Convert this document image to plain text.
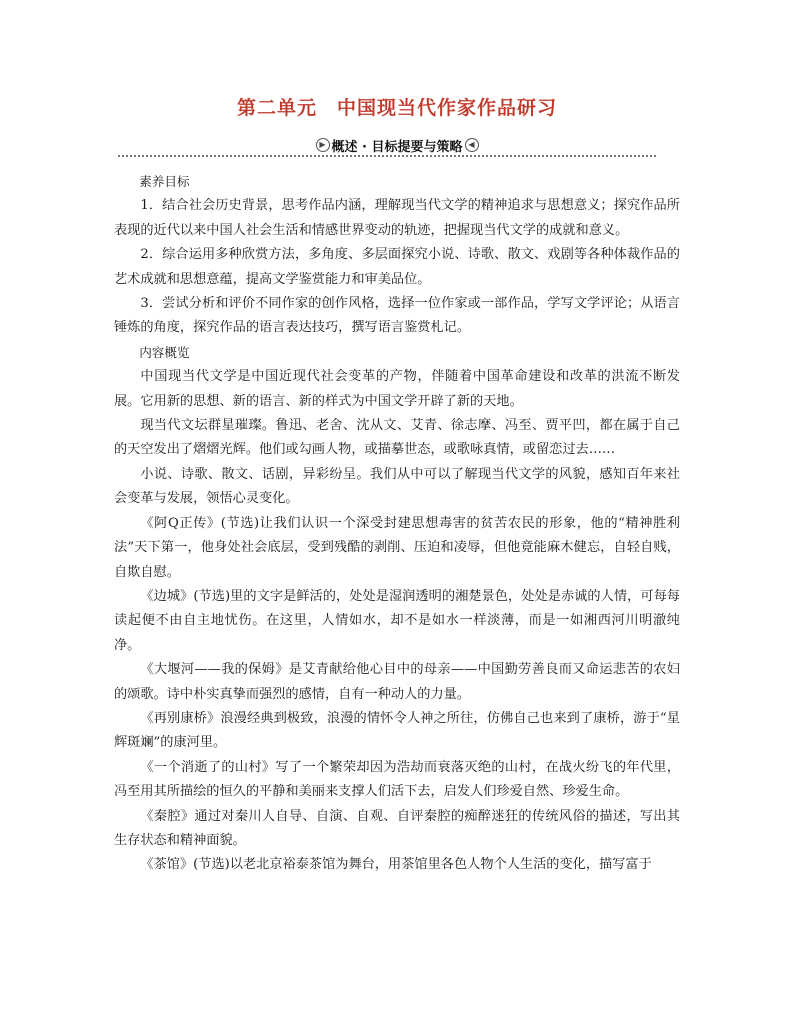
第二单元　中国现当代作家作品研习
▶ 概述 · 目标提要与策略 ◀

素养目标

1．结合社会历史背景，思考作品内涵，理解现当代文学的精神追求与思想意义；探究作品所表现的近代以来中国人社会生活和情感世界变动的轨迹，把握现当代文学的成就和意义。

2．综合运用多种欣赏方法，多角度、多层面探究小说、诗歌、散文、戏剧等各种体裁作品的艺术成就和思想意蕴，提高文学鉴赏能力和审美品位。

3．尝试分析和评价不同作家的创作风格，选择一位作家或一部作品，学写文学评论；从语言锤炼的角度，探究作品的语言表达技巧，撰写语言鉴赏札记。

内容概览

中国现当代文学是中国近现代社会变革的产物，伴随着中国革命建设和改革的洪流不断发展。它用新的思想、新的语言、新的样式为中国文学开辟了新的天地。

现当代文坛群星璀璨。鲁迅、老舍、沈从文、艾青、徐志摩、冯至、贾平凹，都在属于自己的天空发出了熠熠光辉。他们或勾画人物，或描摹世态，或歌咏真情，或留恋过去……

小说、诗歌、散文、话剧，异彩纷呈。我们从中可以了解现当代文学的风貌，感知百年来社会变革与发展，领悟心灵变化。

《阿Q正传》(节选)让我们认识一个深受封建思想毒害的贫苦农民的形象，他的“精神胜利法”天下第一，他身处社会底层，受到残酷的剥削、压迫和凌辱，但他竟能麻木健忘，自轻自贱，自欺自慰。

《边城》(节选)里的文字是鲜活的，处处是湿润透明的湘楚景色，处处是赤诚的人情，可每每读起便不由自主地忧伤。在这里，人情如水，却不是如水一样淡薄，而是一如湘西河川明澈纯净。

《大堰河——我的保姆》是艾青献给他心目中的母亲——中国勤劳善良而又命运悲苦的农妇的颂歌。诗中朴实真挚而强烈的感情，自有一种动人的力量。

《再别康桥》浪漫经典到极致，浪漫的情怀令人神之所往，仿佛自己也来到了康桥，游于“星辉斑斓”的康河里。

《一个消逝了的山村》写了一个繁荣却因为浩劫而衰落灭绝的山村，在战火纷飞的年代里，冯至用其所描绘的恒久的平静和美丽来支撑人们活下去，启发人们珍爱自然、珍爱生命。

《秦腔》通过对秦川人自导、自演、自观、自评秦腔的痴醉迷狂的传统风俗的描述，写出其生存状态和精神面貌。

《茶馆》(节选)以老北京裕泰茶馆为舞台，用茶馆里各色人物个人生活的变化，描写富于
